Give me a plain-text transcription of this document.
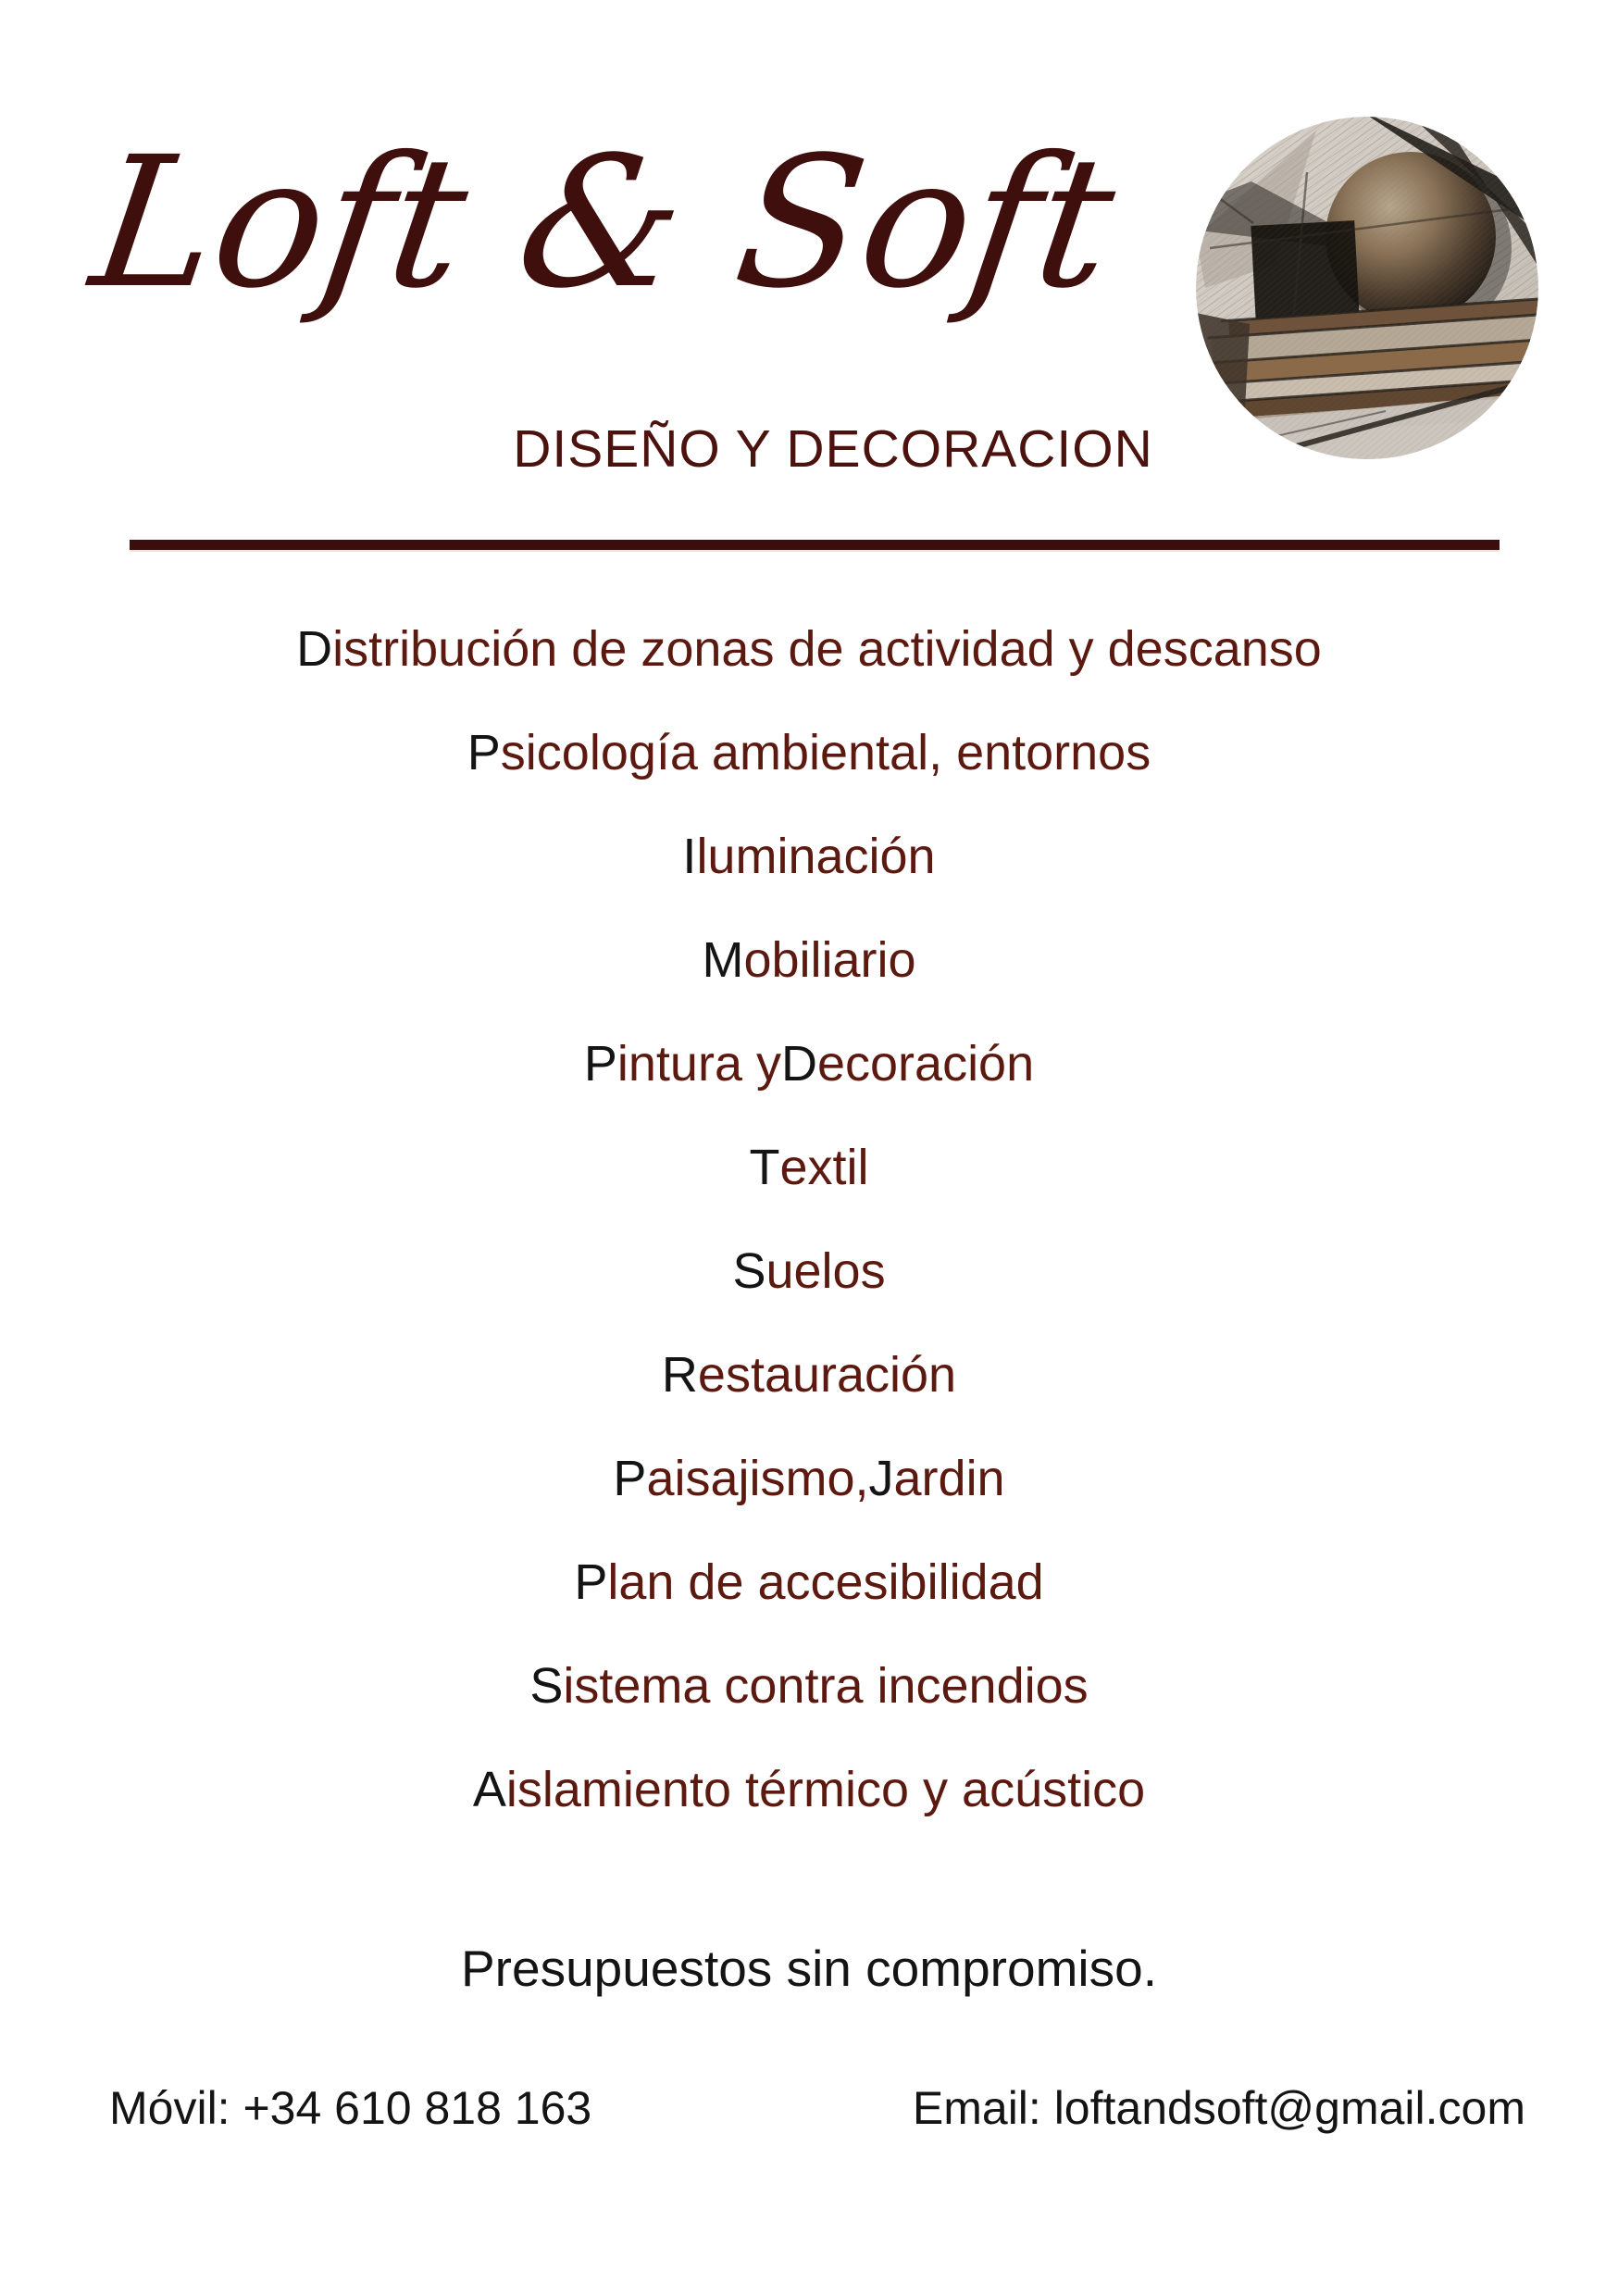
Loft & Soft
DISEÑO Y DECORACION
D istribución de zonas de actividad y descanso
P sicología ambiental, entornos
I luminación
M obiliario
P intura y D ecoración
T extil
S uelos
R estauración
P aisajismo, J ardin
P lan de accesibilidad
S istema contra incendios
A islamiento térmico y acústico
Presupuestos sin compromiso.
Móvil: +34 610 818 163	Email: loftandsoft@gmail.com
